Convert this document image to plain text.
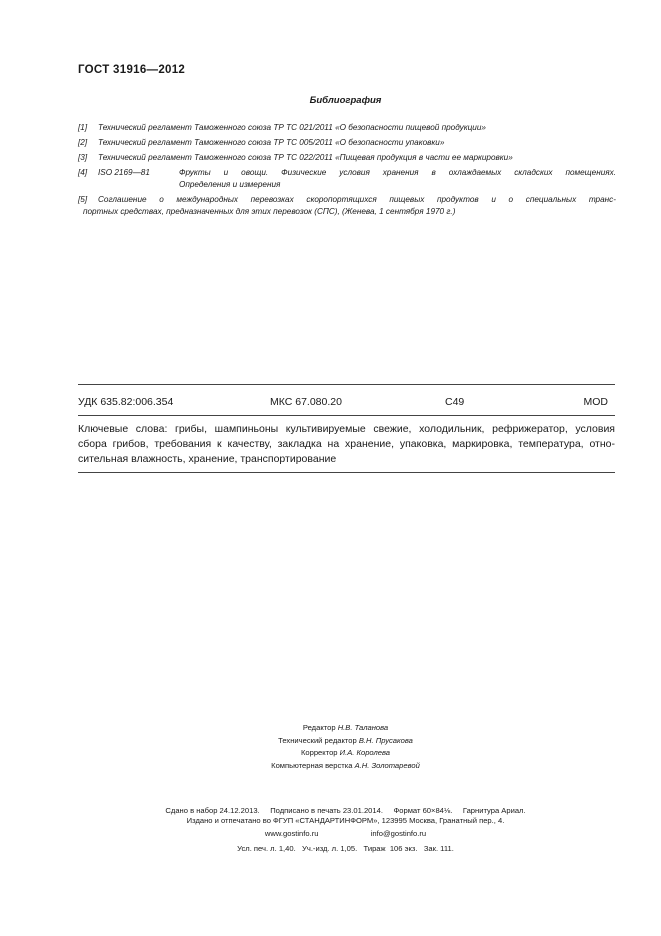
ГОСТ 31916—2012
Библиография
[1] Технический регламент Таможенного союза ТР ТС 021/2011 «О безопасности пищевой продукции»
[2] Технический регламент Таможенного союза ТР ТС 005/2011 «О безопасности упаковки»
[3] Технический регламент Таможенного союза ТР ТС 022/2011 «Пищевая продукция в части ее маркировки»
[4] ISO 2169—81	Фрукты и овощи. Физические условия хранения в охлаждаемых складских помещениях.
Определения и измерения
[5] Соглашение о международных перевозках скоропортящихся пищевых продуктов и о специальных транс-
портных средствах, предназначенных для этих перевозок (СПС), (Женева, 1 сентября 1970 г.)
УДК 635.82:006.354	МКС 67.080.20	С49	MOD
Ключевые слова: грибы, шампиньоны культивируемые свежие, холодильник, рефрижератор, условия
сбора грибов, требования к качеству, закладка на хранение, упаковка, маркировка, температура, отно-
сительная влажность, хранение, транспортирование
Редактор Н.В. Таланова
Технический редактор В.Н. Прусакова
Корректор И.А. Королева
Компьютерная верстка А.Н. Золотаревой

Сдано в набор 24.12.2013.     Подписано в печать 23.01.2014.     Формат 60×84⅛.     Гарнитура Ариал.

Усл. печ. л. 1,40.   Уч.-изд. л. 1,05.   Тираж  106 экз.   Зак. 111.

Издано и отпечатано во ФГУП «СТАНДАРТИНФОРМ», 123995 Москва, Гранатный пер., 4.
www.gostinfo.ru	info@gostinfo.ru
